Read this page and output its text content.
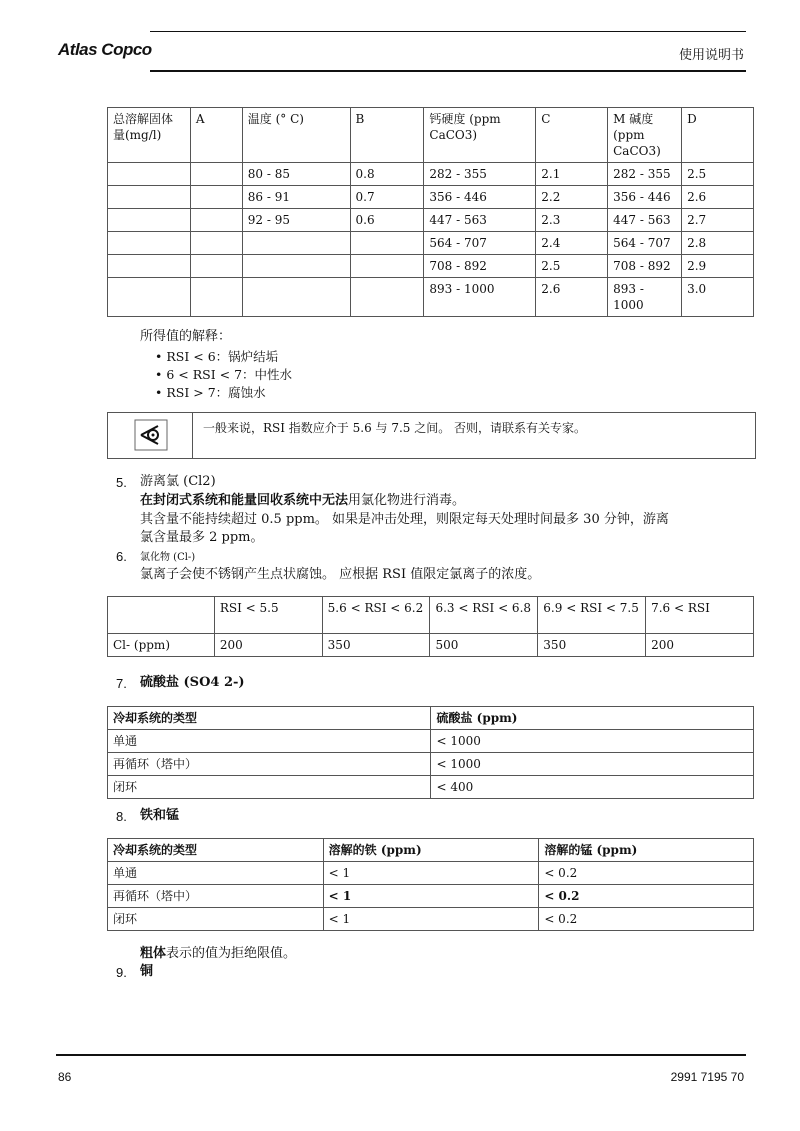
Atlas Copco	使用说明书
总溶解固体量(mg/l)	A	温度 (° C)	B	钙硬度 (ppm CaCO3)	C	M 碱度 (ppm CaCO3)	D
		80 - 85	0.8	282 - 355	2.1	282 - 355	2.5
		86 - 91	0.7	356 - 446	2.2	356 - 446	2.6
		92 - 95	0.6	447 - 563	2.3	447 - 563	2.7
				564 - 707	2.4	564 - 707	2.8
				708 - 892	2.5	708 - 892	2.9
				893 - 1000	2.6	893 - 1000	3.0
所得值的解释：
• RSI < 6：锅炉结垢
• 6 < RSI < 7：中性水
• RSI > 7：腐蚀水
一般来说，RSI 指数应介于 5.6 与 7.5 之间。 否则，请联系有关专家。
5. 游离氯 (Cl2)
在封闭式系统和能量回收系统中无法用氯化物进行消毒。
其含量不能持续超过 0.5 ppm。 如果是冲击处理，则限定每天处理时间最多 30 分钟，游离
氯含量最多 2 ppm。
6. 氯化物 (Cl-)
氯离子会使不锈钢产生点状腐蚀。 应根据 RSI 值限定氯离子的浓度。
	RSI < 5.5	5.6 < RSI < 6.2	6.3 < RSI < 6.8	6.9 < RSI < 7.5	7.6 < RSI
Cl- (ppm)	200	350	500	350	200
7. 硫酸盐 (SO4 2-)
冷却系统的类型	硫酸盐 (ppm)
单通	< 1000
再循环（塔中）	< 1000
闭环	< 400
8. 铁和锰
冷却系统的类型	溶解的铁 (ppm)	溶解的锰 (ppm)
单通	< 1	< 0.2
再循环（塔中）	< 1	< 0.2
闭环	< 1	< 0.2
粗体表示的值为拒绝限值。
9. 铜
86	2991 7195 70
